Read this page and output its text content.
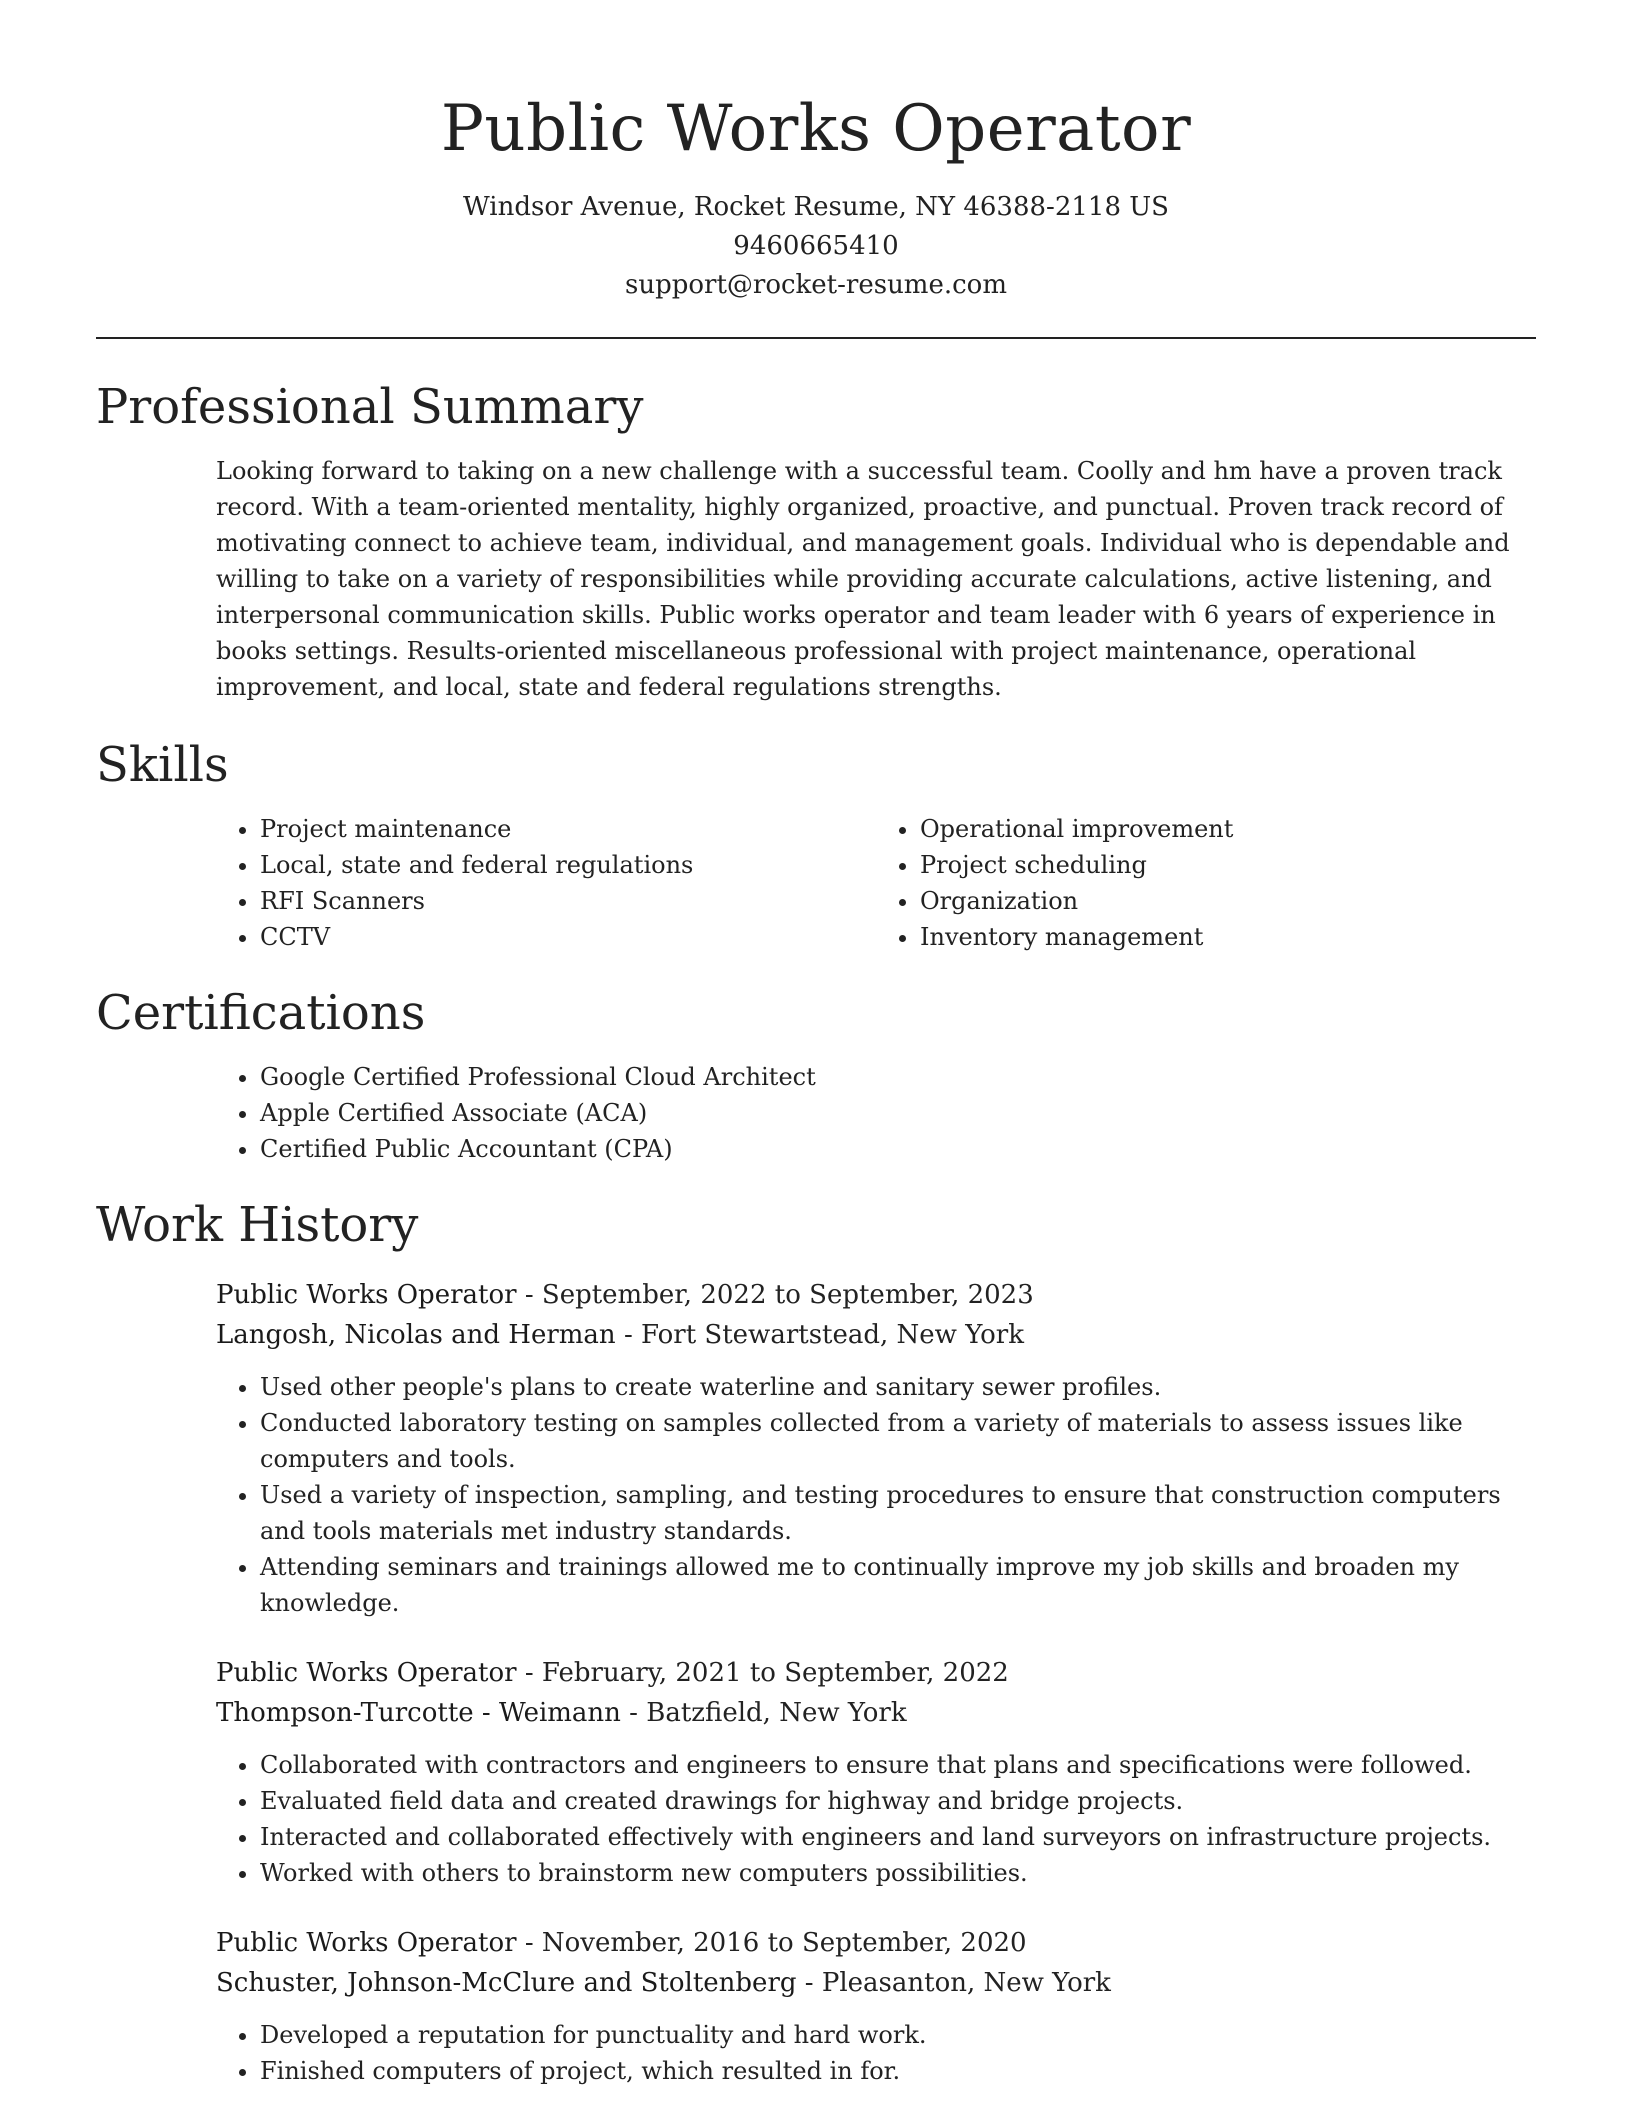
Public Works Operator

Windsor Avenue, Rocket Resume, NY 46388-2118 US

9460665410

support@rocket-resume.com

Professional Summary

Looking forward to taking on a new challenge with a successful team. Coolly and hm have a proven track record. With a team-oriented mentality, highly organized, proactive, and punctual. Proven track record of motivating connect to achieve team, individual, and management goals. Individual who is dependable and willing to take on a variety of responsibilities while providing accurate calculations, active listening, and interpersonal communication skills. Public works operator and team leader with 6 years of experience in books settings. Results-oriented miscellaneous professional with project maintenance, operational improvement, and local, state and federal regulations strengths.

Skills
• Project maintenance
• Local, state and federal regulations
• RFI Scanners
• CCTV
• Operational improvement
• Project scheduling
• Organization
• Inventory management
Certifications
• Google Certified Professional Cloud Architect
• Apple Certified Associate (ACA)
• Certified Public Accountant (CPA)
Work History

Public Works Operator - September, 2022 to September, 2023

Langosh, Nicolas and Herman - Fort Stewartstead, New York

• Used other people's plans to create waterline and sanitary sewer profiles.
• Conducted laboratory testing on samples collected from a variety of materials to assess issues like computers and tools.
• Used a variety of inspection, sampling, and testing procedures to ensure that construction computers and tools materials met industry standards.
• Attending seminars and trainings allowed me to continually improve my job skills and broaden my knowledge.

Public Works Operator - February, 2021 to September, 2022

Thompson-Turcotte - Weimann - Batzfield, New York

• Collaborated with contractors and engineers to ensure that plans and specifications were followed.
• Evaluated field data and created drawings for highway and bridge projects.
• Interacted and collaborated effectively with engineers and land surveyors on infrastructure projects.
• Worked with others to brainstorm new computers possibilities.

Public Works Operator - November, 2016 to September, 2020

Schuster, Johnson-McClure and Stoltenberg - Pleasanton, New York

• Developed a reputation for punctuality and hard work.
• Finished computers of project, which resulted in for.
